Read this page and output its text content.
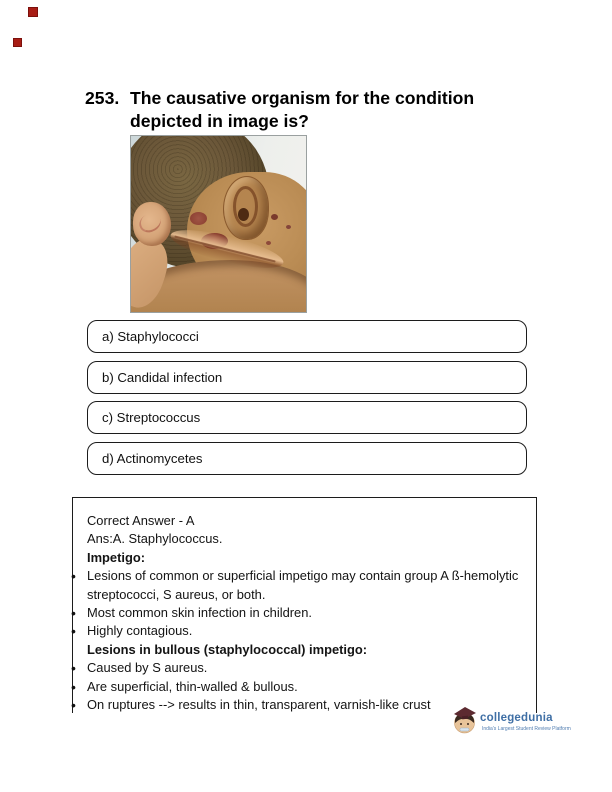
253. The causative organism for the condition depicted in image is?
a) Staphylococci
b) Candidal infection
c) Streptococcus
d) Actinomycetes
Correct Answer - A
Ans:A. Staphylococcus.
Impetigo:
• Lesions of common or superficial impetigo may contain group A ß-hemolytic streptococci, S aureus, or both.
• Most common skin infection in children.
• Highly contagious.
Lesions in bullous (staphylococcal) impetigo:
• Caused by S aureus.
• Are superficial, thin-walled & bullous.
• On ruptures --> results in thin, transparent, varnish-like crust
collegedunia
India's Largest Student Review Platform
